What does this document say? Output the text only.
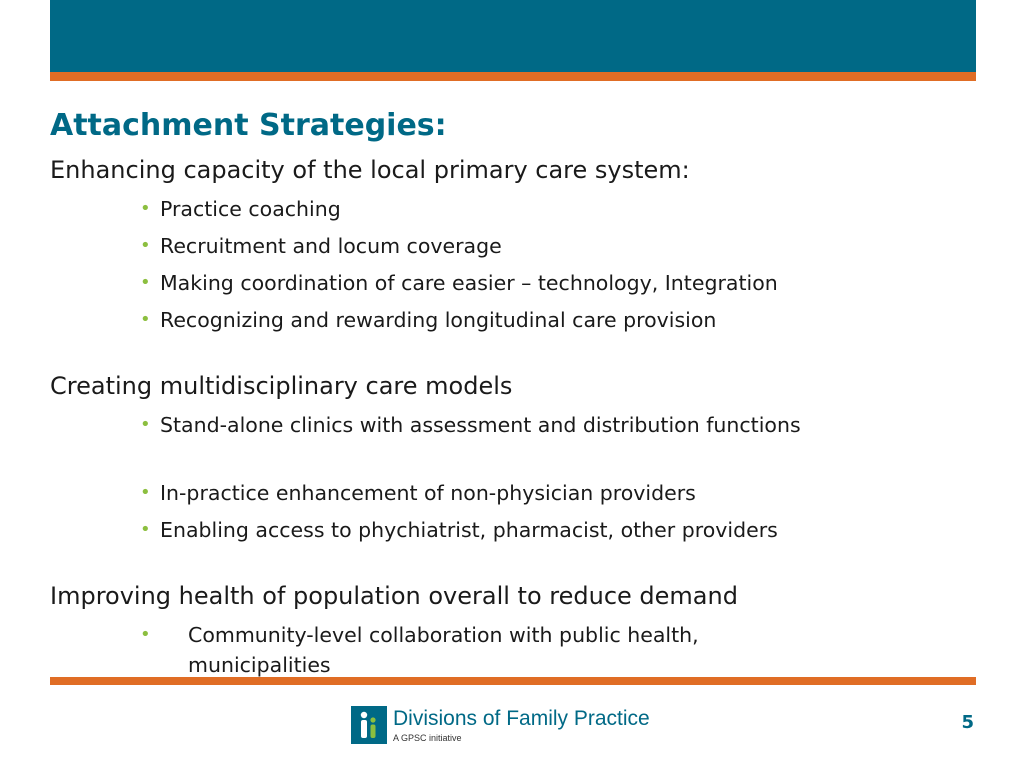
Attachment Strategies:

Enhancing capacity of the local primary care system:

• Practice coaching
• Recruitment and locum coverage
• Making coordination of care easier – technology, Integration
• Recognizing and rewarding longitudinal care provision

Creating multidisciplinary care models

• Stand-alone clinics with assessment and distribution functions
• In-practice enhancement of non-physician providers
• Enabling access to phychiatrist, pharmacist, other providers

Improving health of population overall to reduce demand

•	Community-level collaboration with public health, municipalities
Divisions of Family Practice
A GPSC initiative
5
